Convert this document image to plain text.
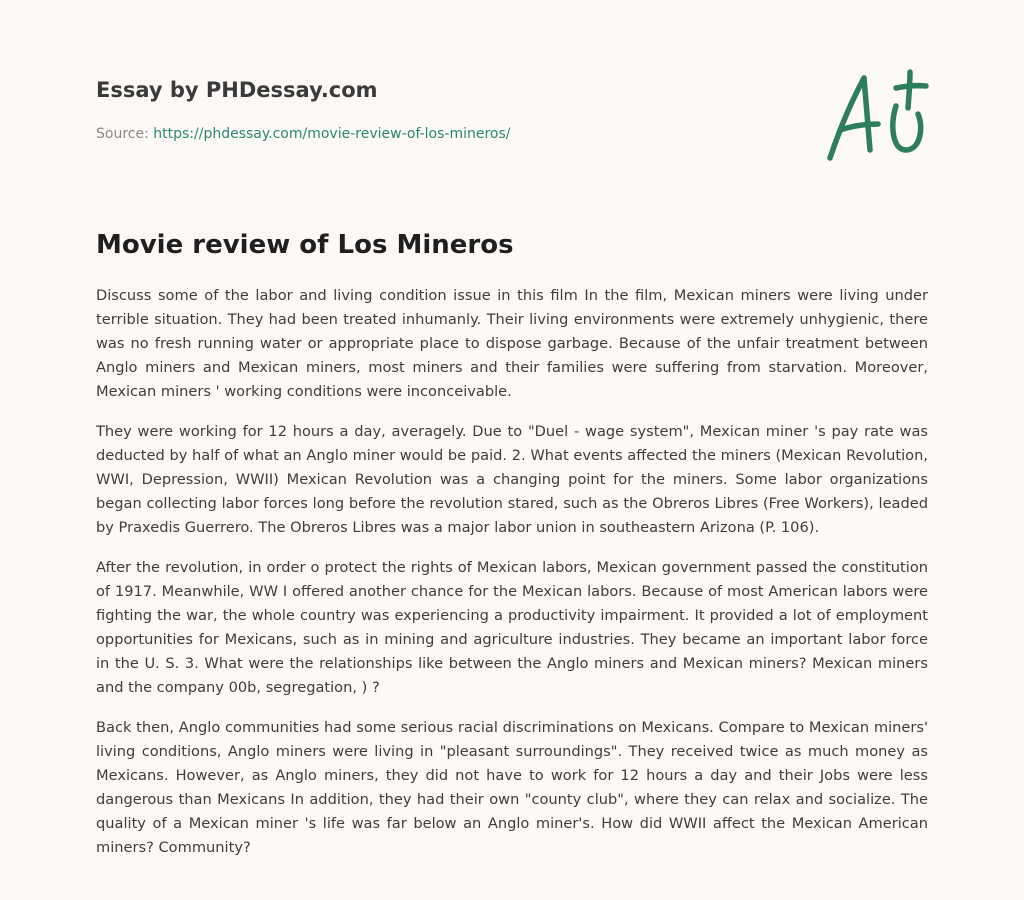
Essay by PHDessay.com
Source: https://phdessay.com/movie-review-of-los-mineros/
Movie review of Los Mineros

Discuss some of the labor and living condition issue in this film In the film, Mexican miners were living under terrible situation. They had been treated inhumanly. Their living environments were extremely unhygienic, there was no fresh running water or appropriate place to dispose garbage. Because of the unfair treatment between Anglo miners and Mexican miners, most miners and their families were suffering from starvation. Moreover, Mexican miners ' working conditions were inconceivable.

They were working for 12 hours a day, averagely. Due to "Duel - wage system", Mexican miner 's pay rate was deducted by half of what an Anglo miner would be paid. 2. What events affected the miners (Mexican Revolution, WWI, Depression, WWII) Mexican Revolution was a changing point for the miners. Some labor organizations began collecting labor forces long before the revolution stared, such as the Obreros Libres (Free Workers), leaded by Praxedis Guerrero. The Obreros Libres was a major labor union in southeastern Arizona (P. 106).

After the revolution, in order o protect the rights of Mexican labors, Mexican government passed the constitution of 1917. Meanwhile, WW I offered another chance for the Mexican labors. Because of most American labors were fighting the war, the whole country was experiencing a productivity impairment. It provided a lot of employment opportunities for Mexicans, such as in mining and agriculture industries. They became an important labor force in the U. S. 3. What were the relationships like between the Anglo miners and Mexican miners? Mexican miners and the company 00b, segregation, ) ?

Back then, Anglo communities had some serious racial discriminations on Mexicans. Compare to Mexican miners' living conditions, Anglo miners were living in "pleasant surroundings". They received twice as much money as Mexicans. However, as Anglo miners, they did not have to work for 12 hours a day and their Jobs were less dangerous than Mexicans In addition, they had their own "county club", where they can relax and socialize. The quality of a Mexican miner 's life was far below an Anglo miner's. How did WWII affect the Mexican American miners? Community?
